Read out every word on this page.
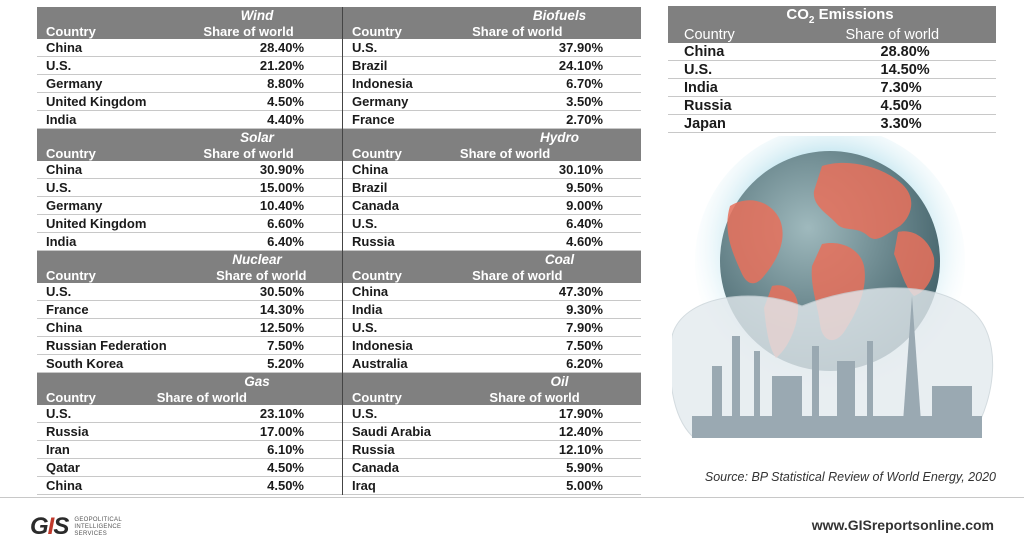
Wind	
Country	Share of world
China	28.40%
U.S.	21.20%
Germany	8.80%
United Kingdom	4.50%
India	4.40%
Biofuels	
Country	Share of world
U.S.	37.90%
Brazil	24.10%
Indonesia	6.70%
Germany	3.50%
France	2.70%
Solar	
Country	Share of world
China	30.90%
U.S.	15.00%
Germany	10.40%
United Kingdom	6.60%
India	6.40%
Hydro	
Country	Share of world
China	30.10%
Brazil	9.50%
Canada	9.00%
U.S.	6.40%
Russia	4.60%
Nuclear	
Country	Share of world
U.S.	30.50%
France	14.30%
China	12.50%
Russian Federation	7.50%
South Korea	5.20%
Coal	
Country	Share of world
China	47.30%
India	9.30%
U.S.	7.90%
Indonesia	7.50%
Australia	6.20%
Gas	
Country	Share of world
U.S.	23.10%
Russia	17.00%
Iran	6.10%
Qatar	4.50%
China	4.50%
Oil	
Country	Share of world
U.S.	17.90%
Saudi Arabia	12.40%
Russia	12.10%
Canada	5.90%
Iraq	5.00%
$CO_2$ Emissions	
Country	Share of world
China	28.80%
U.S.	14.50%
India	7.30%
Russia	4.50%
Japan	3.30%
Source: BP Statistical Review of World Energy, 2020
GIS GEOPOLITICAL
INTELLIGENCE
SERVICES
www.GISreportsonline.com
